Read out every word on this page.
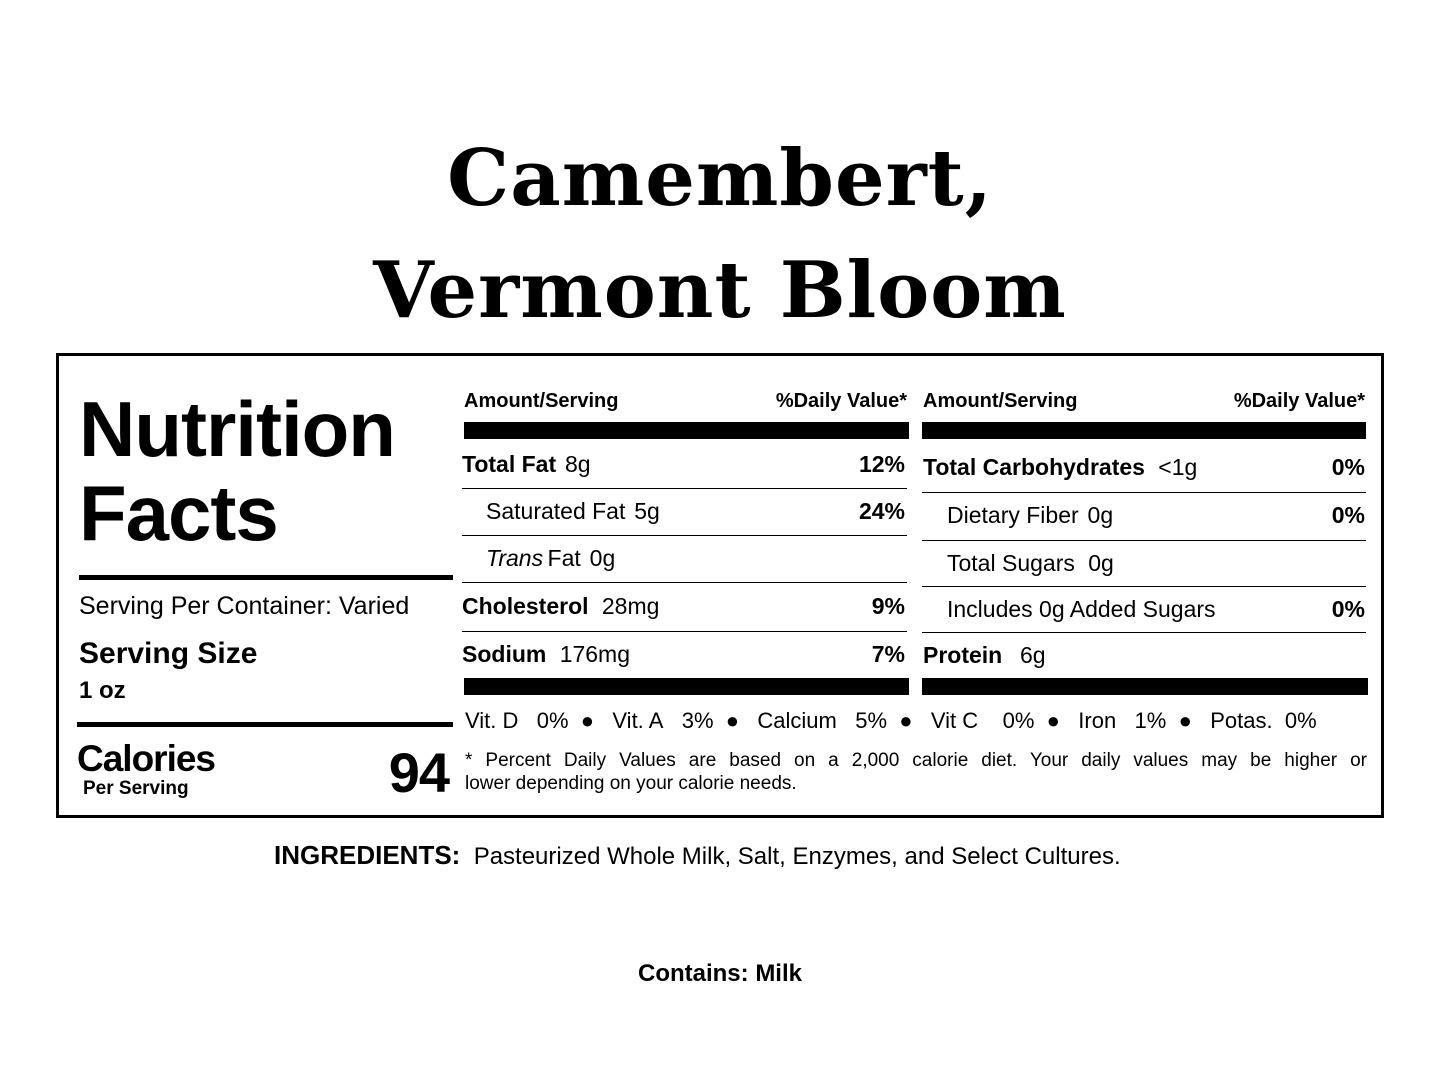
Camembert,
Vermont Bloom
Nutrition
Facts
Serving Per Container: Varied
Serving Size
1 oz
Calories
Per Serving	94
Amount/Serving	%Daily Value*
Total Fat 8g	12%
Saturated Fat 5g	24%
Trans Fat 0g
Cholesterol 28mg	9%
Sodium 176mg	7%
Amount/Serving	%Daily Value*
Total Carbohydrates <1g	0%
Dietary Fiber 0g	0%
Total Sugars 0g
Includes 0g Added Sugars	0%
Protein 6g
Vit. D 0% ● Vit. A 3% ● Calcium 5% ● Vit C 0% ● Iron 1% ● Potas. 0%
* Percent Daily Values are based on a 2,000 calorie diet. Your daily values may be higher or
lower depending on your calorie needs.
INGREDIENTS: Pasteurized Whole Milk, Salt, Enzymes, and Select Cultures.
Contains: Milk
